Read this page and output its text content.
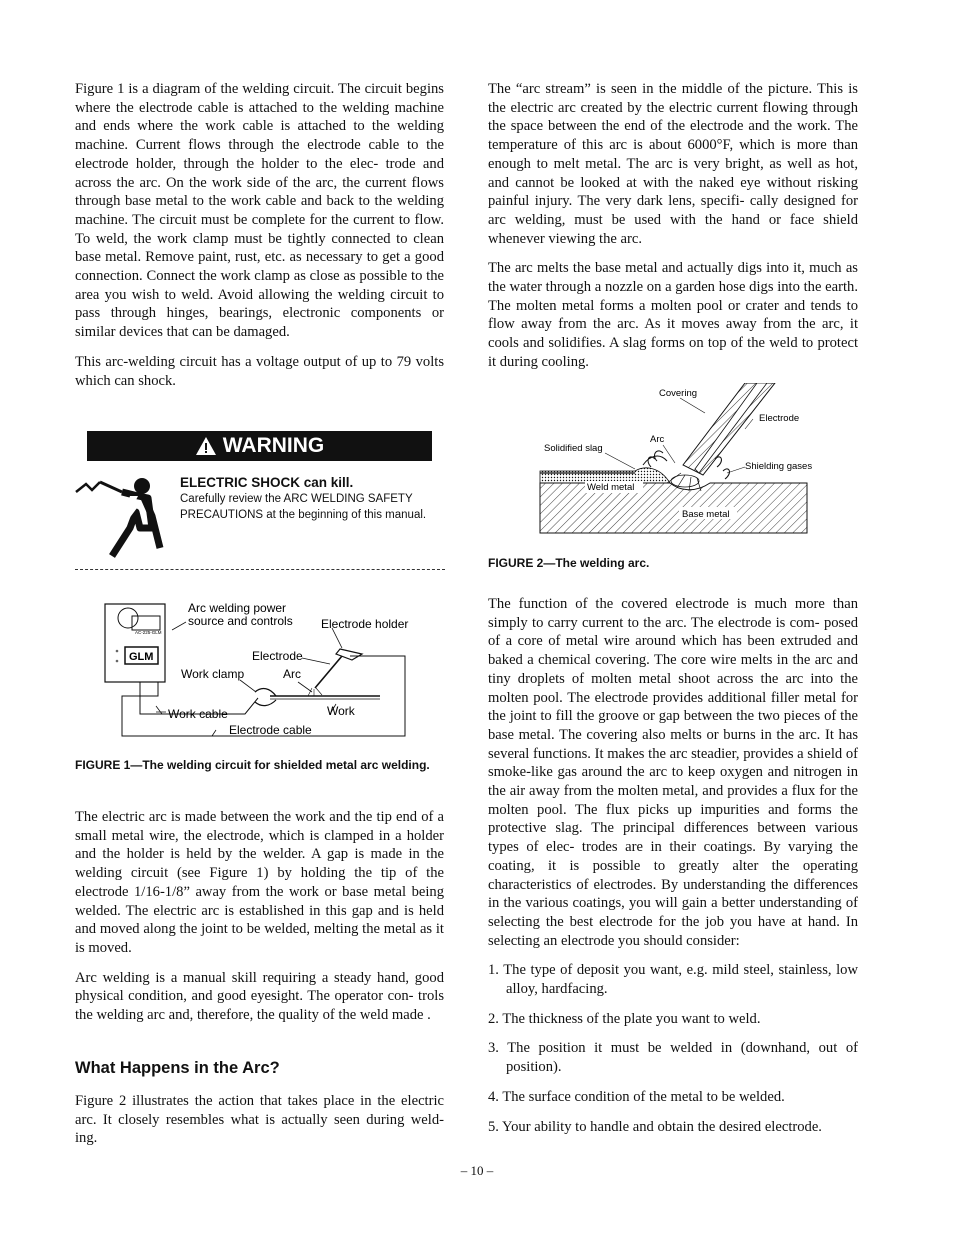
Figure 1 is a diagram of the welding circuit. The circuit begins where the electrode cable is attached to the welding machine and ends where the work cable is attached to the welding machine. Current flows through the electrode cable to the electrode holder, through the holder to the elec- trode and across the arc. On the work side of the arc, the current flows through base metal to the work cable and back to the welding machine. The circuit must be complete for the current to flow. To weld, the work clamp must be tightly connected to clean base metal. Remove paint, rust, etc. as necessary to get a good connection. Connect the work clamp as close as possible to the area you wish to weld. Avoid allowing the welding circuit to pass through hinges, bearings, electronic components or similar devices that can be damaged.

This arc-welding circuit has a voltage output of up to 79 volts which can shock.

WARNING
ELECTRIC SHOCK can kill.
Carefully review the ARC WELDING SAFETY PRECAUTIONS at the beginning of this manual.
AC-225-GLM
GLM
Arc welding power
source and controls Electrode holder
Electrode
Work clamp	Arc
Work cable	Work
Electrode cable
FIGURE 1—The welding circuit for shielded metal arc welding.

The electric arc is made between the work and the tip end of a small metal wire, the electrode, which is clamped in a holder and the holder is held by the welder. A gap is made in the welding circuit (see Figure 1) by holding the tip of the electrode 1/16-1/8” away from the work or base metal being welded. The electric arc is established in this gap and is held and moved along the joint to be welded, melting the metal as it is moved.

Arc welding is a manual skill requiring a steady hand, good physical condition, and good eyesight. The operator con- trols the welding arc and, therefore, the quality of the weld made .

What Happens in the Arc?

Figure 2 illustrates the action that takes place in the electric arc. It closely resembles what is actually seen during weld- ing.

The “arc stream” is seen in the middle of the picture. This is the electric arc created by the electric current flowing through the space between the end of the electrode and the work. The temperature of this arc is about 6000°F, which is more than enough to melt metal. The arc is very bright, as well as hot, and cannot be looked at with the naked eye without risking painful injury. The very dark lens, specifi- cally designed for arc welding, must be used with the hand or face shield whenever viewing the arc.

The arc melts the base metal and actually digs into it, much as the water through a nozzle on a garden hose digs into the earth. The molten metal forms a molten pool or crater and tends to flow away from the arc. As it moves away from the arc, it cools and solidifies. A slag forms on top of the weld to protect it during cooling.

Covering
Electrode
Arc
Solidified slag
Shielding gases
Weld metal
Base metal
FIGURE 2—The welding arc.

The function of the covered electrode is much more than simply to carry current to the arc. The electrode is com- posed of a core of metal wire around which has been extruded and baked a chemical covering. The core wire melts in the arc and tiny droplets of molten metal shoot across the arc into the molten pool. The electrode provides additional filler metal for the joint to fill the groove or gap between the two pieces of the base metal. The covering also melts or burns in the arc. It has several functions. It makes the arc steadier, provides a shield of smoke-like gas around the arc to keep oxygen and nitrogen in the air away from the molten metal, and provides a flux for the molten pool. The flux picks up impurities and forms the protective slag. The principal differences between various types of elec- trodes are in their coatings. By varying the coating, it is possible to greatly alter the operating characteristics of electrodes. By understanding the differences in the various coatings, you will gain a better understanding of selecting the best electrode for the job you have at hand. In selecting an electrode you should consider:

1. The type of deposit you want, e.g. mild steel, stainless, low alloy, hardfacing.
2. The thickness of the plate you want to weld.
3. The position it must be welded in (downhand, out of position).
4. The surface condition of the metal to be welded.
5. Your ability to handle and obtain the desired electrode.
– 10 –
